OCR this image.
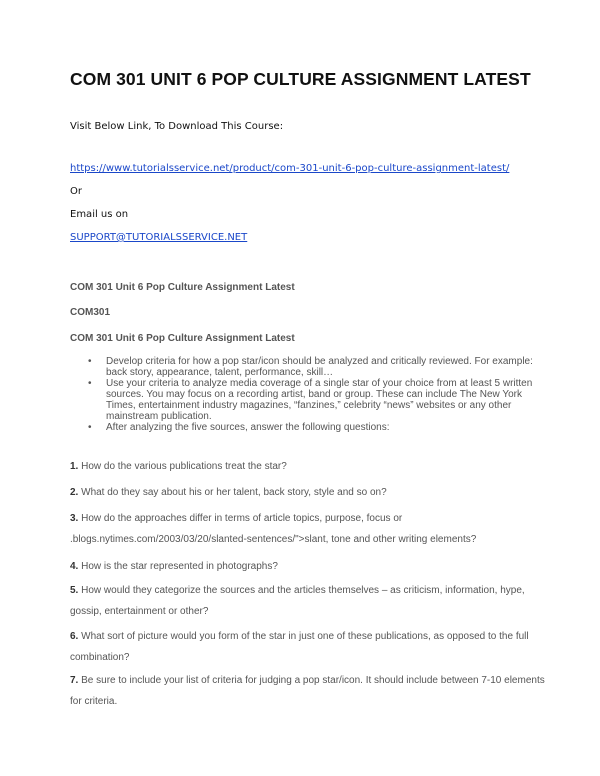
COM 301 UNIT 6 POP CULTURE ASSIGNMENT LATEST
Visit Below Link, To Download This Course:
https://www.tutorialsservice.net/product/com-301-unit-6-pop-culture-assignment-latest/
Or
Email us on
SUPPORT@TUTORIALSSERVICE.NET
COM 301 Unit 6 Pop Culture Assignment Latest
COM301
COM 301 Unit 6 Pop Culture Assignment Latest
• Develop criteria for how a pop star/icon should be analyzed and critically reviewed. For example: back story, appearance, talent, performance, skill…
• Use your criteria to analyze media coverage of a single star of your choice from at least 5 written sources. You may focus on a recording artist, band or group. These can include The New York Times, entertainment industry magazines, “fanzines,” celebrity “news” websites or any other mainstream publication.
• After analyzing the five sources, answer the following questions:

1. How do the various publications treat the star?

2. What do they say about his or her talent, back story, style and so on?

3. How do the approaches differ in terms of article topics, purpose, focus or
.blogs.nytimes.com/2003/03/20/slanted-sentences/">slant, tone and other writing elements?

4. How is the star represented in photographs?

5. How would they categorize the sources and the articles themselves – as criticism, information, hype, gossip, entertainment or other?

6. What sort of picture would you form of the star in just one of these publications, as opposed to the full combination?

7. Be sure to include your list of criteria for judging a pop star/icon. It should include between 7-10 elements for criteria.
